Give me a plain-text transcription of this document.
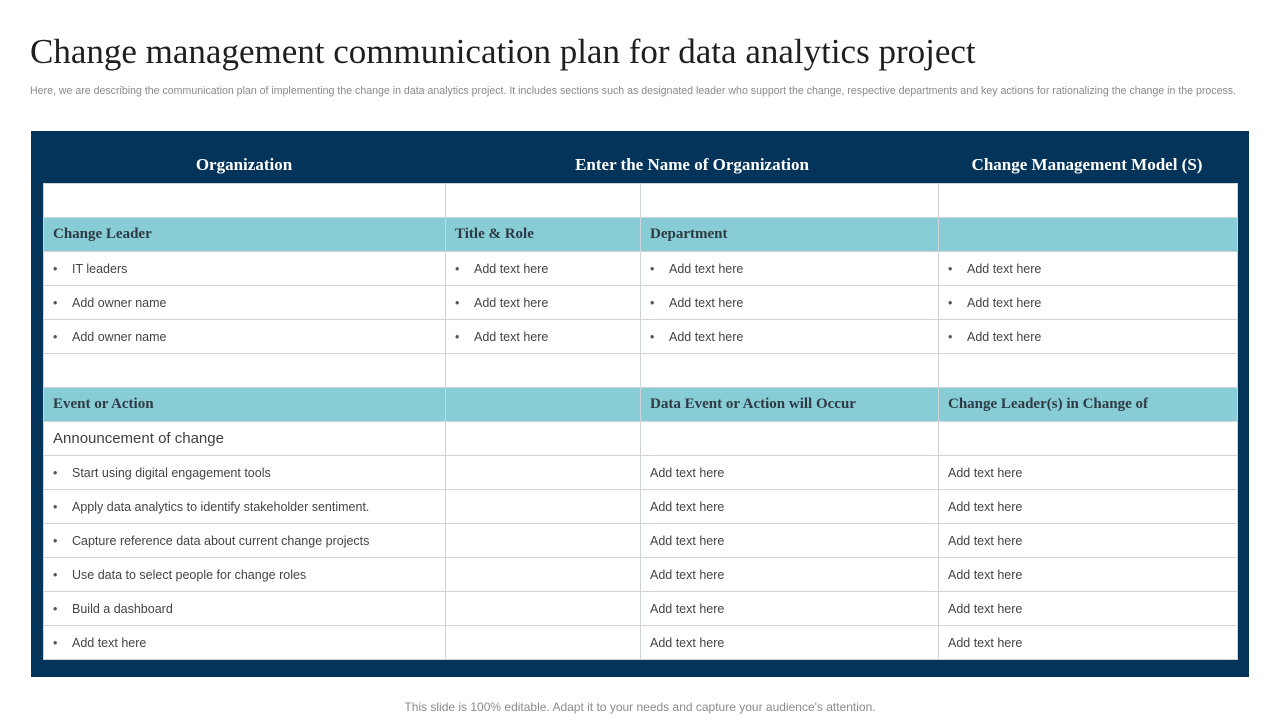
Change management communication plan for data analytics project
Here, we are describing the communication plan of implementing the change in data analytics project. It includes sections such as designated leader who support the change, respective departments and key actions for rationalizing the change in the process.
Organization	Enter the Name of Organization	Change Management Model (S)

Change Leader	Title & Role	Department	
• IT leaders	• Add text here	• Add text here	• Add text here
• Add owner name	• Add text here	• Add text here	• Add text here
• Add owner name	• Add text here	• Add text here	• Add text here

Event or Action		Data Event or Action will Occur	Change Leader(s) in Change of
Announcement of change			
• Start using digital engagement tools		Add text here	Add text here
• Apply data analytics to identify stakeholder sentiment.		Add text here	Add text here
• Capture reference data about current change projects		Add text here	Add text here
• Use data to select people for change roles		Add text here	Add text here
• Build a dashboard		Add text here	Add text here
• Add text here		Add text here	Add text here
This slide is 100% editable. Adapt it to your needs and capture your audience's attention.
